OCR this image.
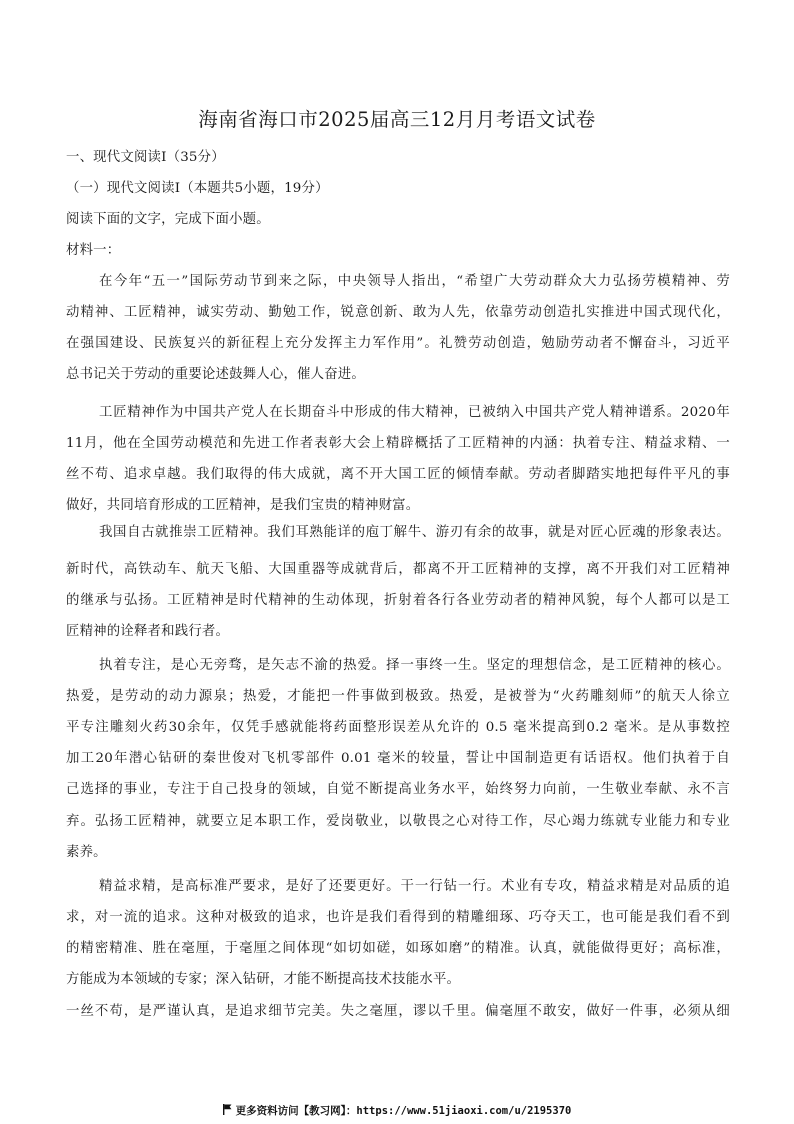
海南省海口市2025届高三12月月考语文试卷
一、现代文阅读Ⅰ（35分）
（一）现代文阅读Ⅰ（本题共5小题，19分）
阅读下面的文字，完成下面小题。
材料一：
在今年“五一”国际劳动节到来之际，中央领导人指出，“希望广大劳动群众大力弘扬劳模精神、劳
动精神、工匠精神，诚实劳动、勤勉工作，锐意创新、敢为人先，依靠劳动创造扎实推进中国式现代化，
在强国建设、民族复兴的新征程上充分发挥主力军作用”。礼赞劳动创造，勉励劳动者不懈奋斗，习近平
总书记关于劳动的重要论述鼓舞人心，催人奋进。
工匠精神作为中国共产党人在长期奋斗中形成的伟大精神，已被纳入中国共产党人精神谱系。2020年
11月，他在全国劳动模范和先进工作者表彰大会上精辟概括了工匠精神的内涵：执着专注、精益求精、一
丝不苟、追求卓越。我们取得的伟大成就，离不开大国工匠的倾情奉献。劳动者脚踏实地把每件平凡的事
做好，共同培育形成的工匠精神，是我们宝贵的精神财富。
我国自古就推崇工匠精神。我们耳熟能详的庖丁解牛、游刃有余的故事，就是对匠心匠魂的形象表达。
新时代，高铁动车、航天飞船、大国重器等成就背后，都离不开工匠精神的支撑，离不开我们对工匠精神
的继承与弘扬。工匠精神是时代精神的生动体现，折射着各行各业劳动者的精神风貌，每个人都可以是工
匠精神的诠释者和践行者。
执着专注，是心无旁骛，是矢志不渝的热爱。择一事终一生。坚定的理想信念，是工匠精神的核心。
热爱，是劳动的动力源泉；热爱，才能把一件事做到极致。热爱，是被誉为“火药雕刻师”的航天人徐立
平专注雕刻火药30余年，仅凭手感就能将药面整形误差从允许的 0.5 毫米提高到0.2 毫米。是从事数控
加工20年潜心钻研的秦世俊对飞机零部件 0.01 毫米的较量，誓让中国制造更有话语权。他们执着于自
己选择的事业，专注于自己投身的领域，自觉不断提高业务水平，始终努力向前，一生敬业奉献、永不言
弃。弘扬工匠精神，就要立足本职工作，爱岗敬业，以敬畏之心对待工作，尽心竭力练就专业能力和专业
素养。
精益求精，是高标准严要求，是好了还要更好。干一行钻一行。术业有专攻，精益求精是对品质的追
求，对一流的追求。这种对极致的追求，也许是我们看得到的精雕细琢、巧夺天工，也可能是我们看不到
的精密精准、胜在毫厘，于毫厘之间体现“如切如磋，如琢如磨”的精准。认真，就能做得更好；高标准，
方能成为本领域的专家；深入钻研，才能不断提高技术技能水平。
一丝不苟，是严谨认真，是追求细节完美。失之毫厘，谬以千里。偏毫厘不敢安，做好一件事，必须从细
更多资料访问【教习网】：https://www.51jiaoxi.com/u/2195370
